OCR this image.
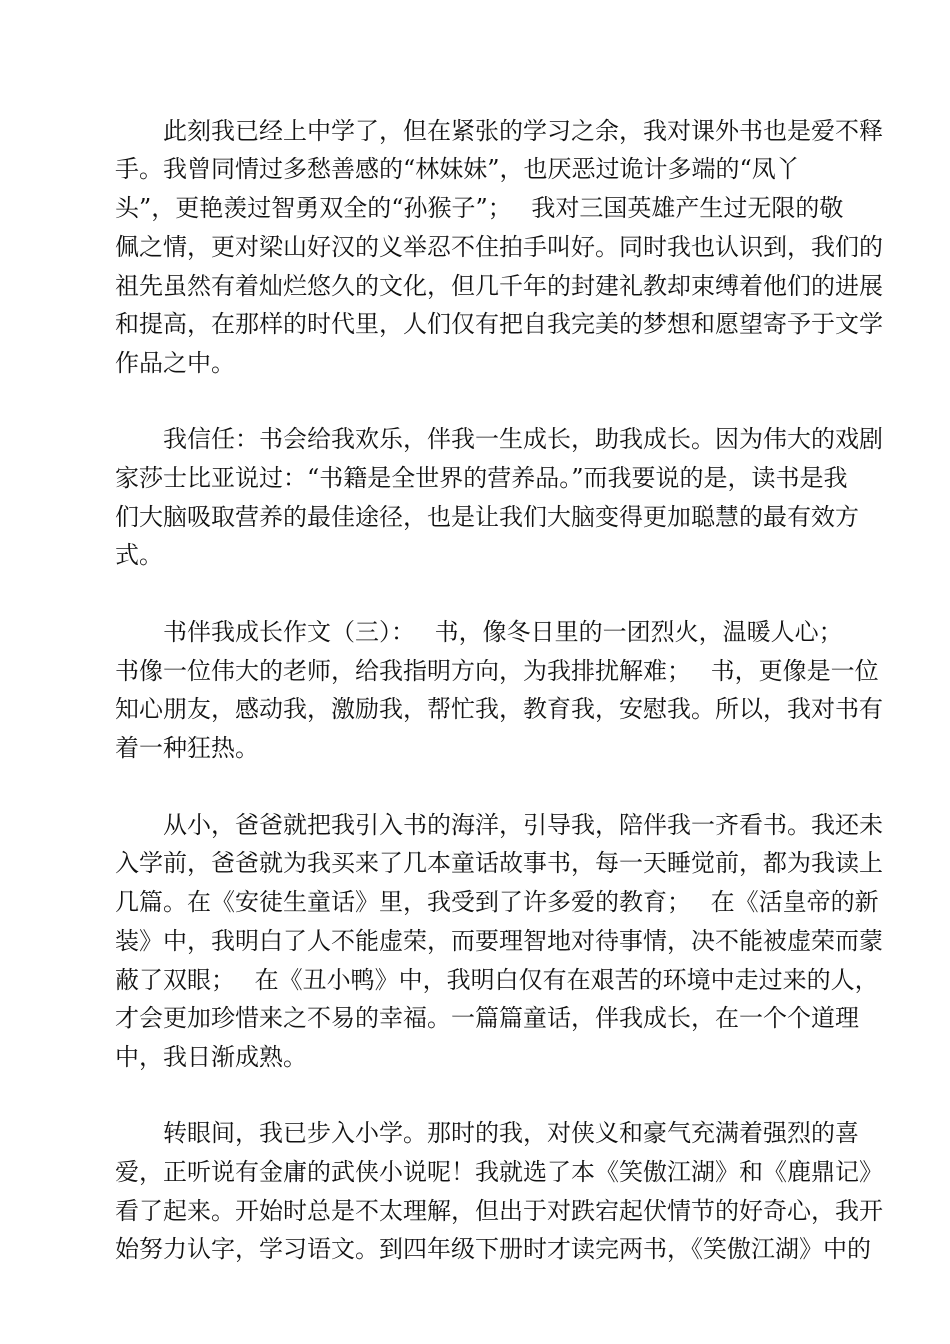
此刻我已经上中学了，但在紧张的学习之余，我对课外书也是爱不释
手。我曾同情过多愁善感的“林妹妹”，也厌恶过诡计多端的“凤丫
头”，更艳羡过智勇双全的“孙猴子”；　 我对三国英雄产生过无限的敬
佩之情，更对梁山好汉的义举忍不住拍手叫好。同时我也认识到，我们的
祖先虽然有着灿烂悠久的文化，但几千年的封建礼教却束缚着他们的进展
和提高，在那样的时代里，人们仅有把自我完美的梦想和愿望寄予于文学
作品之中。
我信任：书会给我欢乐，伴我一生成长，助我成长。因为伟大的戏剧
家莎士比亚说过：“书籍是全世界的营养品。”而我要说的是，读书是我
们大脑吸取营养的最佳途径，也是让我们大脑变得更加聪慧的最有效方
式。
书伴我成长作文（三）：　 书，像冬日里的一团烈火，温暖人心；
书像一位伟大的老师，给我指明方向，为我排扰解难；　 书，更像是一位
知心朋友，感动我，激励我，帮忙我，教育我，安慰我。所以，我对书有
着一种狂热。
从小，爸爸就把我引入书的海洋，引导我，陪伴我一齐看书。我还未
入学前，爸爸就为我买来了几本童话故事书，每一天睡觉前，都为我读上
几篇。在《安徒生童话》里，我受到了许多爱的教育；　 在《活皇帝的新
装》中，我明白了人不能虚荣，而要理智地对待事情，决不能被虚荣而蒙
蔽了双眼；　 在《丑小鸭》中，我明白仅有在艰苦的环境中走过来的人，
才会更加珍惜来之不易的幸福。一篇篇童话，伴我成长，在一个个道理
中，我日渐成熟。
转眼间，我已步入小学。那时的我，对侠义和豪气充满着强烈的喜
爱，正听说有金庸的武侠小说呢！我就选了本《笑傲江湖》和《鹿鼎记》
看了起来。开始时总是不太理解，但出于对跌宕起伏情节的好奇心，我开
始努力认字，学习语文。到四年级下册时才读完两书，《笑傲江湖》中的
